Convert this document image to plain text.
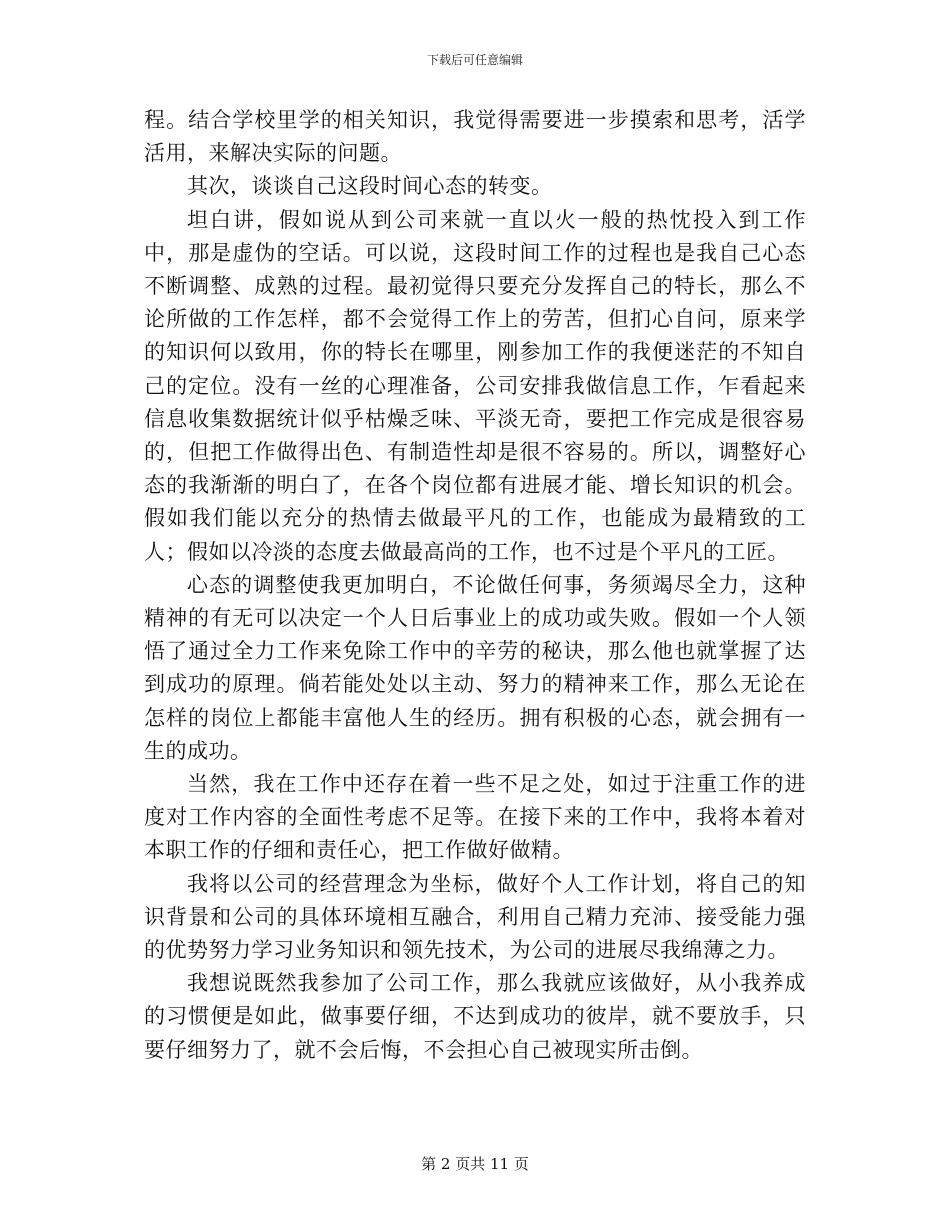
下载后可任意编辑

程。结合学校里学的相关知识，我觉得需要进一步摸索和思考，活学活用，来解决实际的问题。

其次，谈谈自己这段时间心态的转变。

坦白讲，假如说从到公司来就一直以火一般的热忱投入到工作中，那是虚伪的空话。可以说，这段时间工作的过程也是我自己心态不断调整、成熟的过程。最初觉得只要充分发挥自己的特长，那么不论所做的工作怎样，都不会觉得工作上的劳苦，但扪心自问，原来学的知识何以致用，你的特长在哪里，刚参加工作的我便迷茫的不知自己的定位。没有一丝的心理准备，公司安排我做信息工作，乍看起来信息收集数据统计似乎枯燥乏味、平淡无奇，要把工作完成是很容易的，但把工作做得出色、有制造性却是很不容易的。所以，调整好心态的我渐渐的明白了，在各个岗位都有进展才能、增长知识的机会。假如我们能以充分的热情去做最平凡的工作，也能成为最精致的工人；假如以冷淡的态度去做最高尚的工作，也不过是个平凡的工匠。

心态的调整使我更加明白，不论做任何事，务须竭尽全力，这种精神的有无可以决定一个人日后事业上的成功或失败。假如一个人领悟了通过全力工作来免除工作中的辛劳的秘诀，那么他也就掌握了达到成功的原理。倘若能处处以主动、努力的精神来工作，那么无论在怎样的岗位上都能丰富他人生的经历。拥有积极的心态，就会拥有一生的成功。

当然，我在工作中还存在着一些不足之处，如过于注重工作的进度对工作内容的全面性考虑不足等。在接下来的工作中，我将本着对本职工作的仔细和责任心，把工作做好做精。

我将以公司的经营理念为坐标，做好个人工作计划，将自己的知识背景和公司的具体环境相互融合，利用自己精力充沛、接受能力强的优势努力学习业务知识和领先技术，为公司的进展尽我绵薄之力。

我想说既然我参加了公司工作，那么我就应该做好，从小我养成的习惯便是如此，做事要仔细，不达到成功的彼岸，就不要放手，只要仔细努力了，就不会后悔，不会担心自己被现实所击倒。

第 2 页共 11 页
